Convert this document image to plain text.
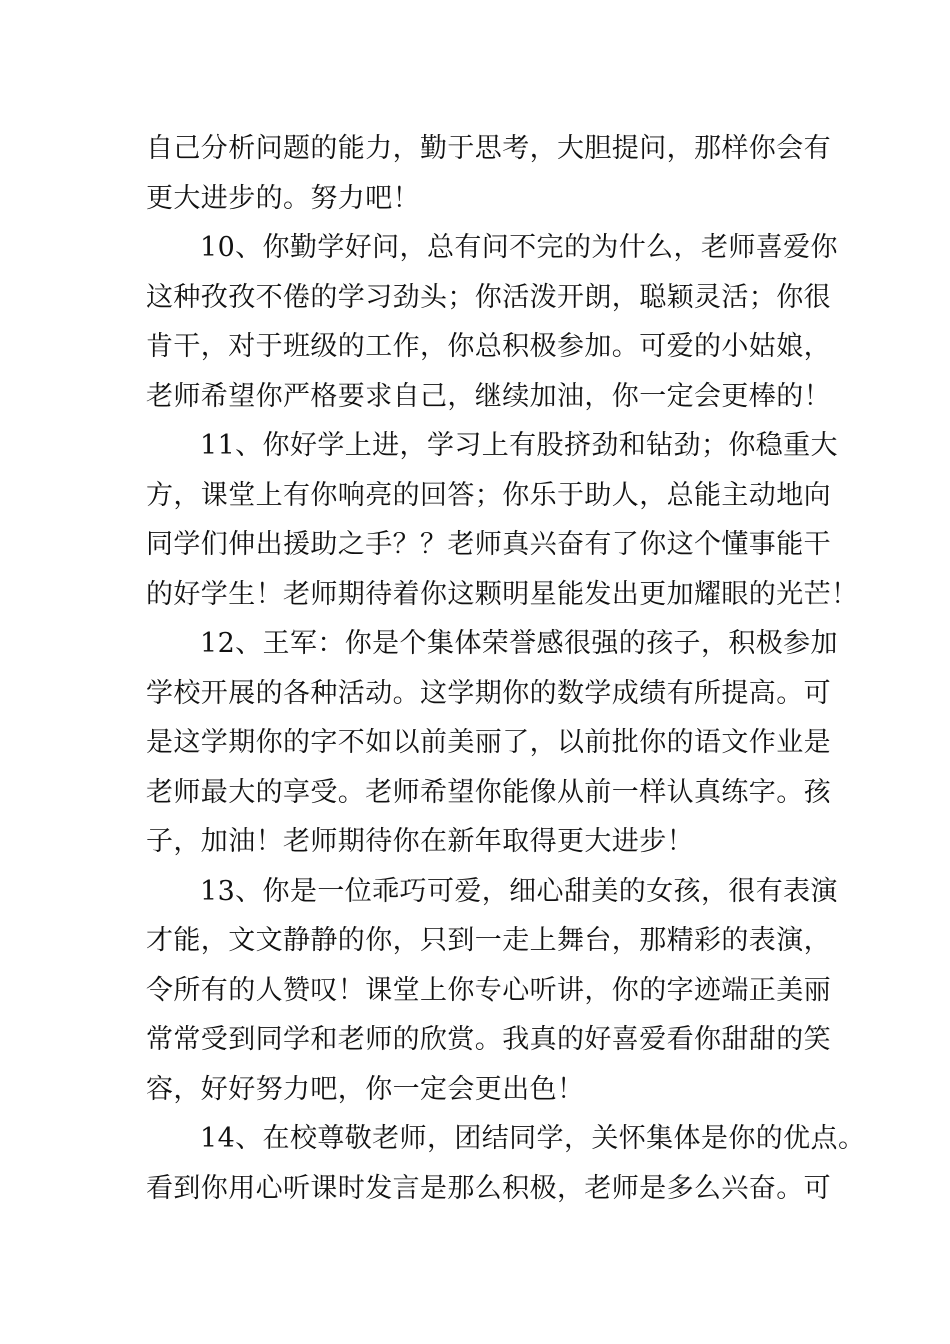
自己分析问题的能力，勤于思考，大胆提问，那样你会有
更大进步的。努力吧！
10、你勤学好问，总有问不完的为什么，老师喜爱你
这种孜孜不倦的学习劲头；你活泼开朗，聪颖灵活；你很
肯干，对于班级的工作，你总积极参加。可爱的小姑娘，
老师希望你严格要求自己，继续加油，你一定会更棒的！
11、你好学上进，学习上有股挤劲和钻劲；你稳重大
方，课堂上有你响亮的回答；你乐于助人，总能主动地向
同学们伸出援助之手？？老师真兴奋有了你这个懂事能干
的好学生！老师期待着你这颗明星能发出更加耀眼的光芒！
12、王军：你是个集体荣誉感很强的孩子，积极参加
学校开展的各种活动。这学期你的数学成绩有所提高。可
是这学期你的字不如以前美丽了，以前批你的语文作业是
老师最大的享受。老师希望你能像从前一样认真练字。孩
子，加油！老师期待你在新年取得更大进步！
13、你是一位乖巧可爱，细心甜美的女孩，很有表演
才能，文文静静的你，只到一走上舞台，那精彩的表演，
令所有的人赞叹！课堂上你专心听讲，你的字迹端正美丽
常常受到同学和老师的欣赏。我真的好喜爱看你甜甜的笑
容，好好努力吧，你一定会更出色！
14、在校尊敬老师，团结同学，关怀集体是你的优点。
看到你用心听课时发言是那么积极，老师是多么兴奋。可
